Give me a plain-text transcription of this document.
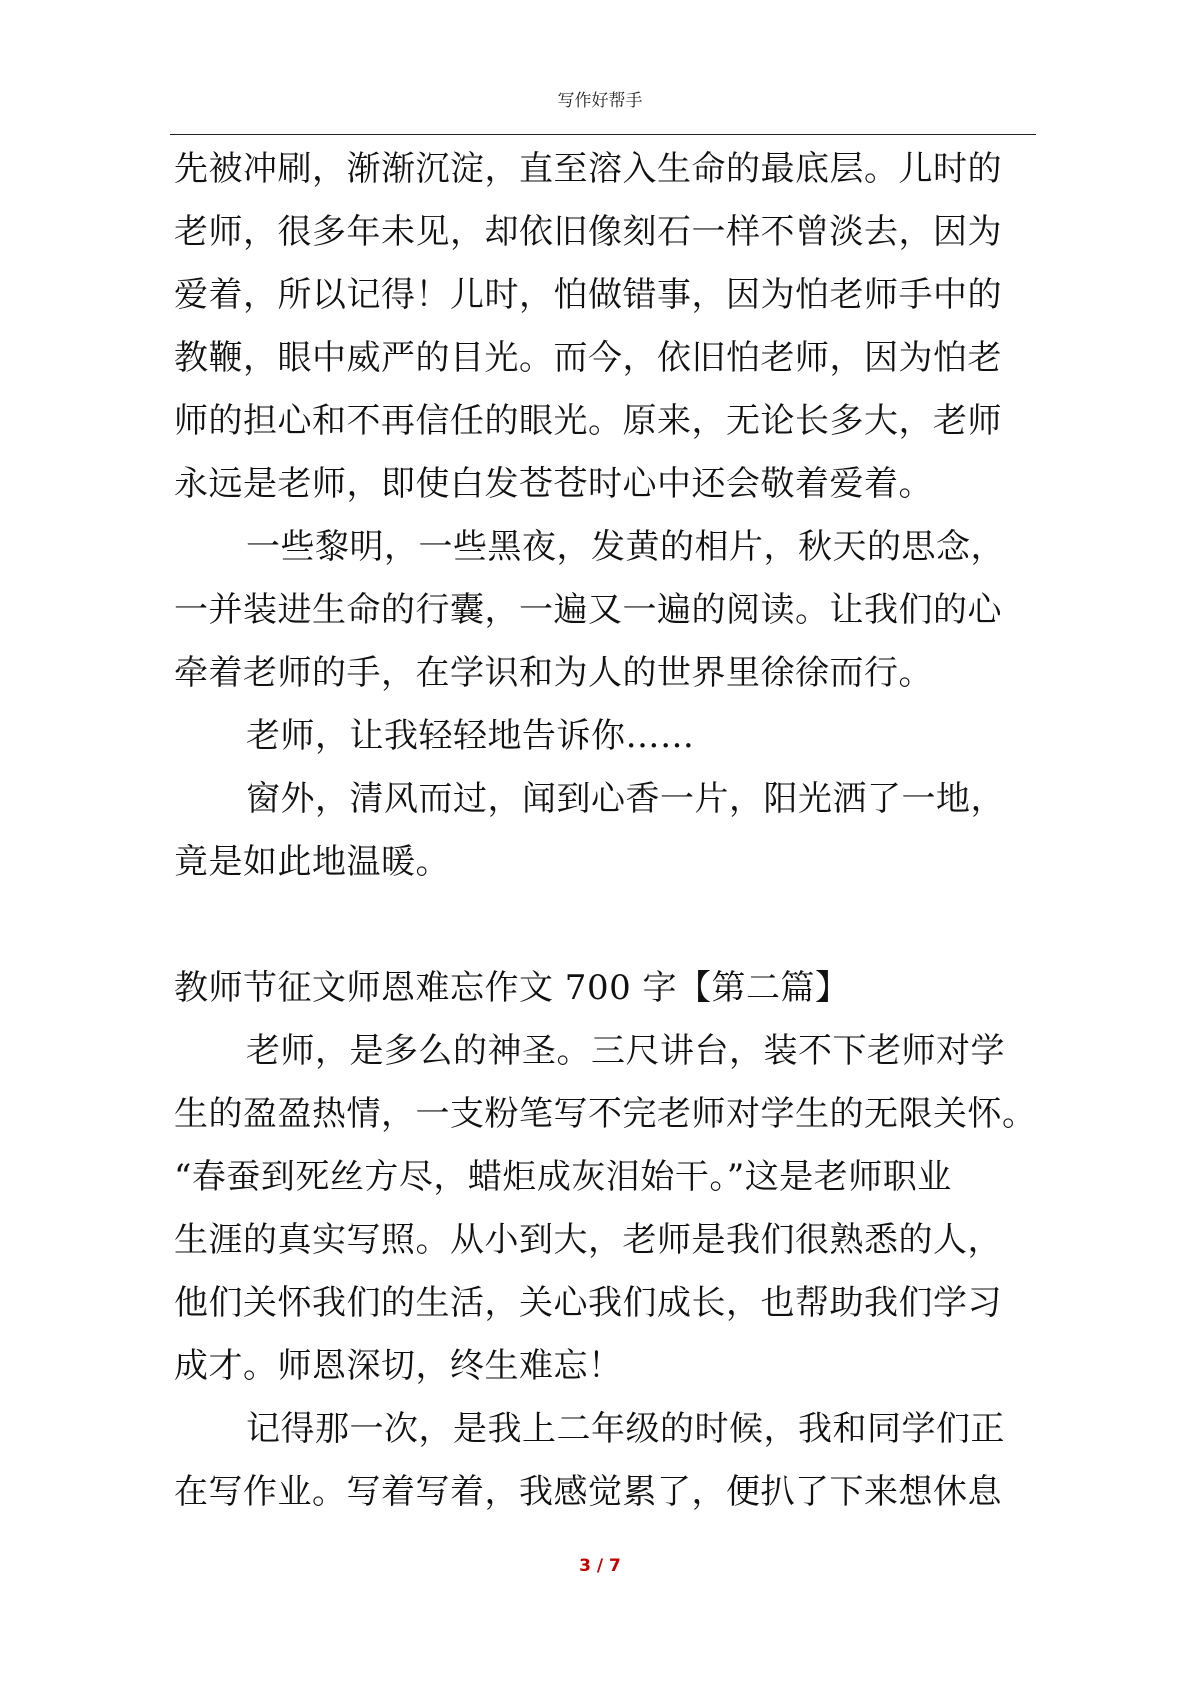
写作好帮手

先被冲刷，渐渐沉淀，直至溶入生命的最底层。儿时的

老师，很多年未见，却依旧像刻石一样不曾淡去，因为

爱着，所以记得！儿时，怕做错事，因为怕老师手中的

教鞭，眼中威严的目光。而今，依旧怕老师，因为怕老

师的担心和不再信任的眼光。原来，无论长多大，老师

永远是老师，即使白发苍苍时心中还会敬着爱着。

一些黎明，一些黑夜，发黄的相片，秋天的思念，

一并装进生命的行囊，一遍又一遍的阅读。让我们的心

牵着老师的手，在学识和为人的世界里徐徐而行。

老师，让我轻轻地告诉你……

窗外，清风而过，闻到心香一片，阳光洒了一地，

竟是如此地温暖。

教师节征文师恩难忘作文 700 字【第二篇】

老师，是多么的神圣。三尺讲台，装不下老师对学

生的盈盈热情，一支粉笔写不完老师对学生的无限关怀。

“春蚕到死丝方尽，蜡炬成灰泪始干。”这是老师职业

生涯的真实写照。从小到大，老师是我们很熟悉的人，

他们关怀我们的生活，关心我们成长，也帮助我们学习

成才。师恩深切，终生难忘！

记得那一次，是我上二年级的时候，我和同学们正

在写作业。写着写着，我感觉累了，便扒了下来想休息

3 / 7
